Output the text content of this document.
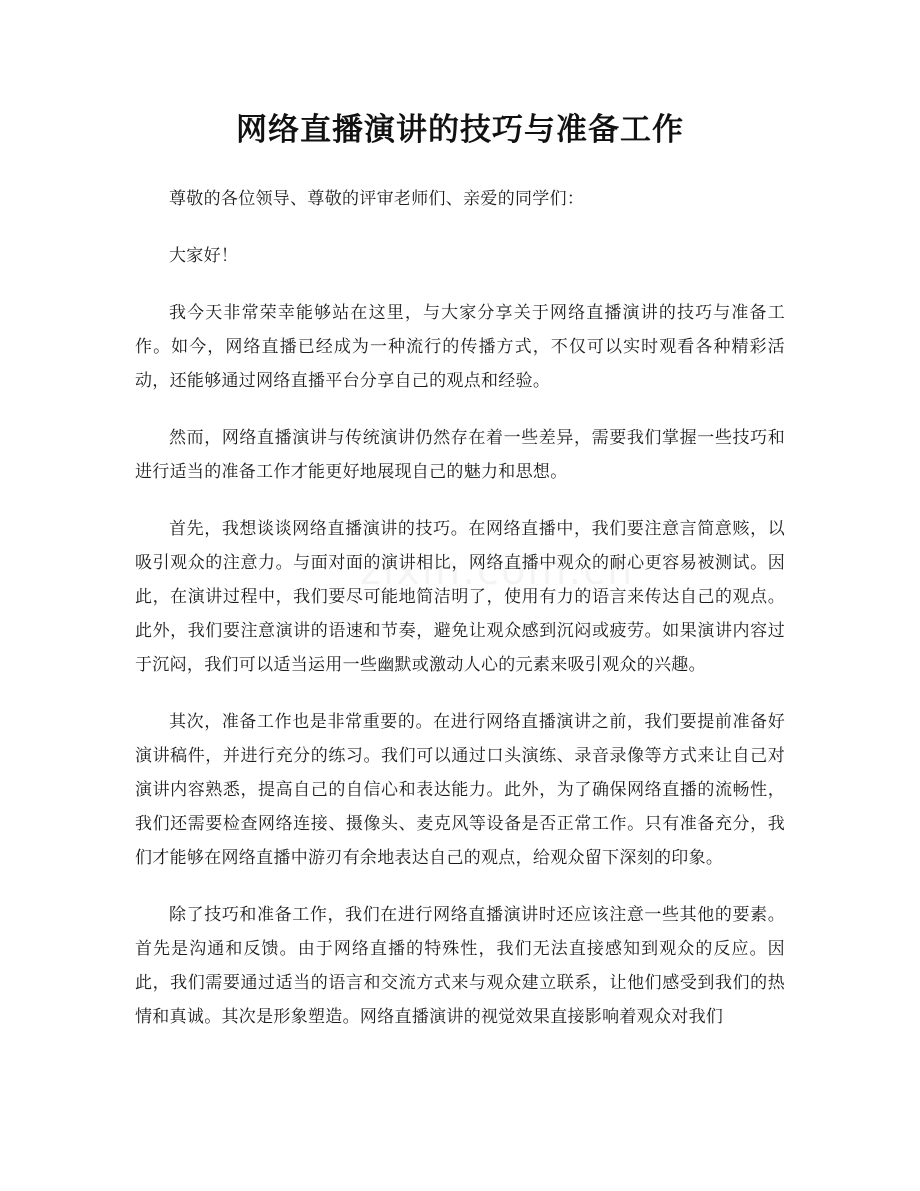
网络直播演讲的技巧与准备工作

尊敬的各位领导、尊敬的评审老师们、亲爱的同学们：

大家好！

我今天非常荣幸能够站在这里，与大家分享关于网络直播演讲的技巧与准备工作。如今，网络直播已经成为一种流行的传播方式，不仅可以实时观看各种精彩活动，还能够通过网络直播平台分享自己的观点和经验。

然而，网络直播演讲与传统演讲仍然存在着一些差异，需要我们掌握一些技巧和进行适当的准备工作才能更好地展现自己的魅力和思想。

首先，我想谈谈网络直播演讲的技巧。在网络直播中，我们要注意言简意赅，以吸引观众的注意力。与面对面的演讲相比，网络直播中观众的耐心更容易被测试。因此，在演讲过程中，我们要尽可能地简洁明了，使用有力的语言来传达自己的观点。此外，我们要注意演讲的语速和节奏，避免让观众感到沉闷或疲劳。如果演讲内容过于沉闷，我们可以适当运用一些幽默或激动人心的元素来吸引观众的兴趣。

其次，准备工作也是非常重要的。在进行网络直播演讲之前，我们要提前准备好演讲稿件，并进行充分的练习。我们可以通过口头演练、录音录像等方式来让自己对演讲内容熟悉，提高自己的自信心和表达能力。此外，为了确保网络直播的流畅性，我们还需要检查网络连接、摄像头、麦克风等设备是否正常工作。只有准备充分，我们才能够在网络直播中游刃有余地表达自己的观点，给观众留下深刻的印象。

除了技巧和准备工作，我们在进行网络直播演讲时还应该注意一些其他的要素。首先是沟通和反馈。由于网络直播的特殊性，我们无法直接感知到观众的反应。因此，我们需要通过适当的语言和交流方式来与观众建立联系，让他们感受到我们的热情和真诚。其次是形象塑造。网络直播演讲的视觉效果直接影响着观众对我们
